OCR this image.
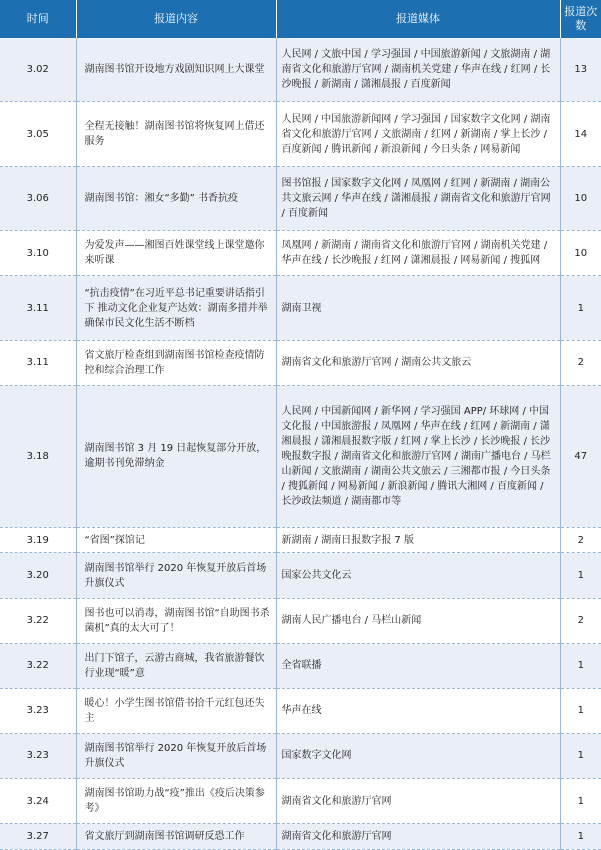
时间	报道内容	报道媒体	报道次数
3.02	湖南图书馆开设地方戏剧知识网上大课堂	人民网 / 文旅中国 / 学习强国 / 中国旅游新闻 / 文旅湖南 / 湖南省文化和旅游厅官网 / 湖南机关党建 / 华声在线 / 红网 / 长沙晚报 / 新湖南 / 潇湘晨报 / 百度新闻	13
3.05	全程无接触！湖南图书馆将恢复网上借还服务	人民网 / 中国旅游新闻网 / 学习强国 / 国家数字文化网 / 湖南省文化和旅游厅官网 / 文旅湖南 / 红网 / 新湖南 / 掌上长沙 / 百度新闻 / 腾讯新闻 / 新浪新闻 / 今日头条 / 网易新闻	14
3.06	湖南图书馆：湘女“多勤” 书香抗疫	图书馆报 / 国家数字文化网 / 凤凰网 / 红网 / 新湖南 / 湖南公共文旅云网 / 华声在线 / 潇湘晨报 / 湖南省文化和旅游厅官网 / 百度新闻	10
3.10	为爱发声——湘图百姓课堂线上课堂邀你来听课	凤凰网 / 新湖南 / 湖南省文化和旅游厅官网 / 湖南机关党建 / 华声在线 / 长沙晚报 / 红网 / 潇湘晨报 / 网易新闻 / 搜狐网	10
3.11	“抗击疫情”在习近平总书记重要讲话指引下 推动文化企业复产达效：湖南多措并举 确保市民文化生活不断档	湖南卫视	1
3.11	省文旅厅检查组到湖南图书馆检查疫情防控和综合治理工作	湖南省文化和旅游厅官网 / 湖南公共文旅云	2
3.18	湖南图书馆 3 月 19 日起恢复部分开放，逾期书刊免滞纳金	人民网 / 中国新闻网 / 新华网 / 学习强国 APP/ 环球网 / 中国文化报 / 中国旅游报 / 凤凰网 / 华声在线 / 红网 / 新湖南 / 潇湘晨报 / 潇湘晨报数字版 / 红网 / 掌上长沙 / 长沙晚报 / 长沙晚报数字报 / 湖南省文化和旅游厅官网 / 湖南广播电台 / 马栏山新闻 / 文旅湖南 / 湖南公共文旅云 / 三湘都市报 / 今日头条 / 搜狐新闻 / 网易新闻 / 新浪新闻 / 腾讯大湘网 / 百度新闻 / 长沙政法频道 / 湖南都市等	47
3.19	“省图”探馆记	新湖南 / 湖南日报数字报 7 版	2
3.20	湖南图书馆举行 2020 年恢复开放后首场升旗仪式	国家公共文化云	1
3.22	图书也可以消毒，湖南图书馆“自助图书杀菌机”真的太大可了！	湖南人民广播电台 / 马栏山新闻	2
3.22	出门下馆子，云游古商城，我省旅游餐饮行业现“暖”意	全省联播	1
3.23	暖心！小学生图书馆借书拾千元红包还失主	华声在线	1
3.23	湖南图书馆举行 2020 年恢复开放后首场升旗仪式	国家数字文化网	1
3.24	湖南图书馆助力战“疫”推出《疫后决策参考》	湖南省文化和旅游厅官网	1
3.27	省文旅厅到湖南图书馆调研反恐工作	湖南省文化和旅游厅官网	1
